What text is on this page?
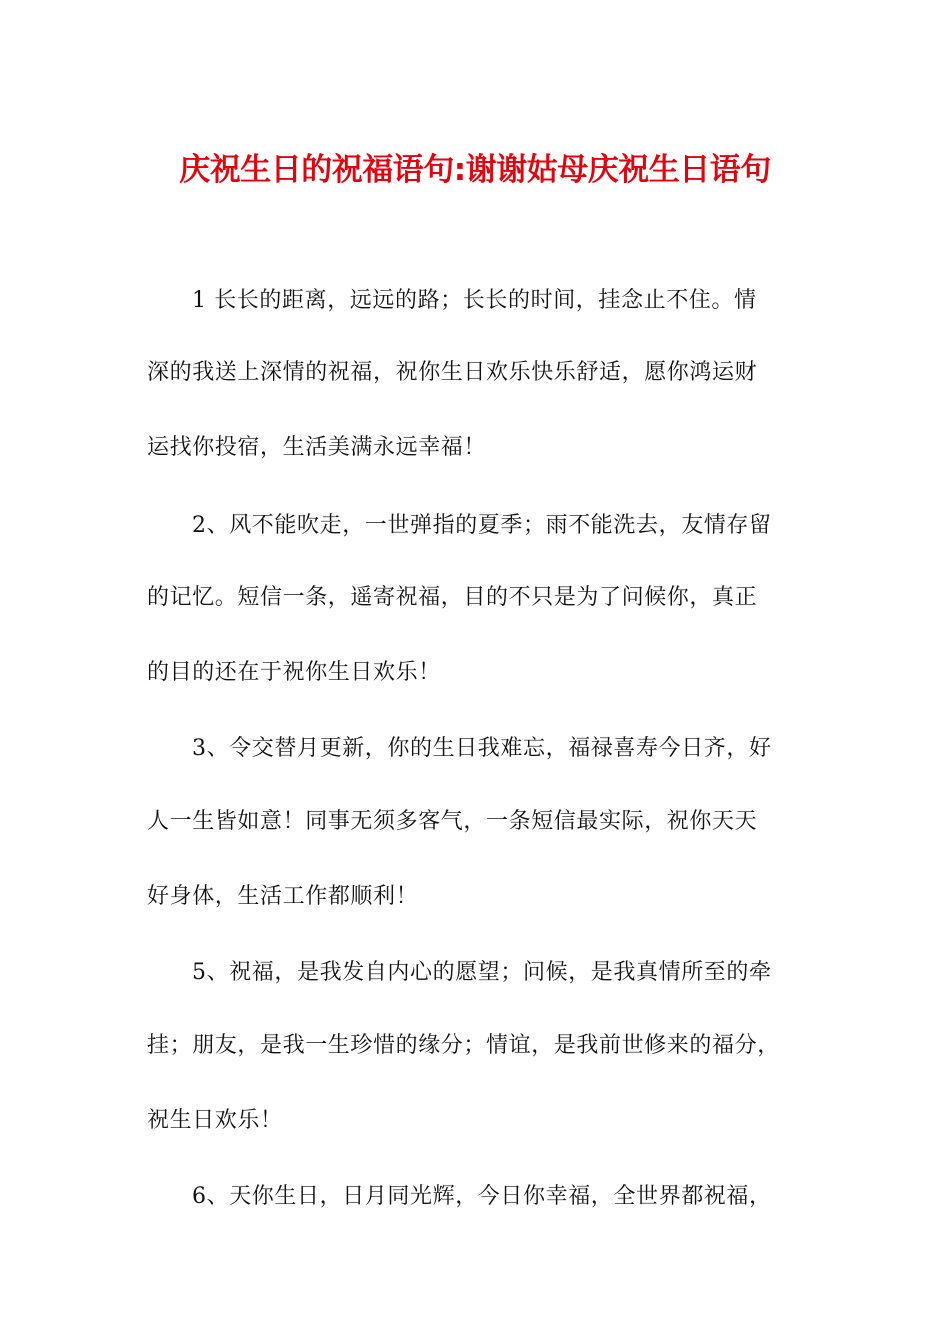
庆祝生日的祝福语句:谢谢姑母庆祝生日语句
1 长长的距离，远远的路；长长的时间，挂念止不住。情
深的我送上深情的祝福，祝你生日欢乐快乐舒适，愿你鸿运财
运找你投宿，生活美满永远幸福！
2、风不能吹走，一世弹指的夏季；雨不能洗去，友情存留
的记忆。短信一条，遥寄祝福，目的不只是为了问候你，真正
的目的还在于祝你生日欢乐！
3、令交替月更新，你的生日我难忘，福禄喜寿今日齐，好
人一生皆如意！同事无须多客气，一条短信最实际，祝你天天
好身体，生活工作都顺利！
5、祝福，是我发自内心的愿望；问候，是我真情所至的牵
挂；朋友，是我一生珍惜的缘分；情谊，是我前世修来的福分，
祝生日欢乐！
6、天你生日，日月同光辉，今日你幸福，全世界都祝福，
